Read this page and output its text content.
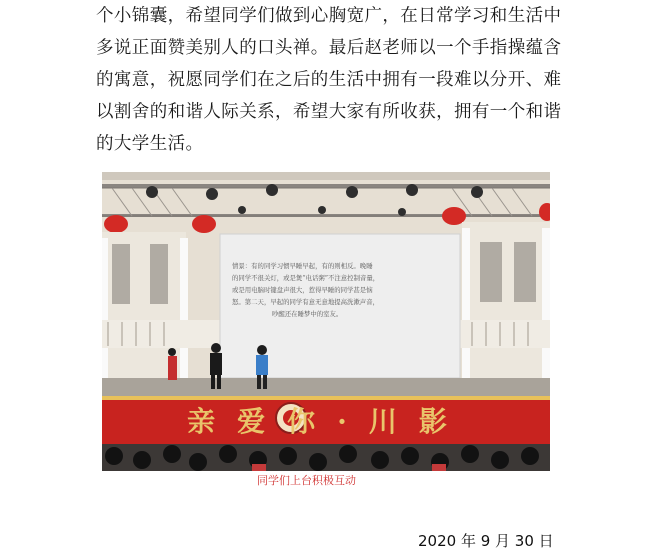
个小锦囊，希望同学们做到心胸宽广，在日常学习和生活中
多说正面赞美别人的口头禅。最后赵老师以一个手指操蕴含
的寓意，祝愿同学们在之后的生活中拥有一段难以分开、难
以割舍的和谐人际关系，希望大家有所收获，拥有一个和谐
的大学生活。
情景：有的同学习惯早睡早起，有的则相反。晚睡
的同学不很关灯，或是煲“电话粥”不注意控制音量，
或是用电脑时键盘声很大，惹得早睡的同学甚是恼
怒。第二天，早起的同学有意无意地提高洗漱声音，
吵醒还在睡梦中的室友。
亲爱你·川影
同学们上台积极互动
2020 年 9 月 30 日
